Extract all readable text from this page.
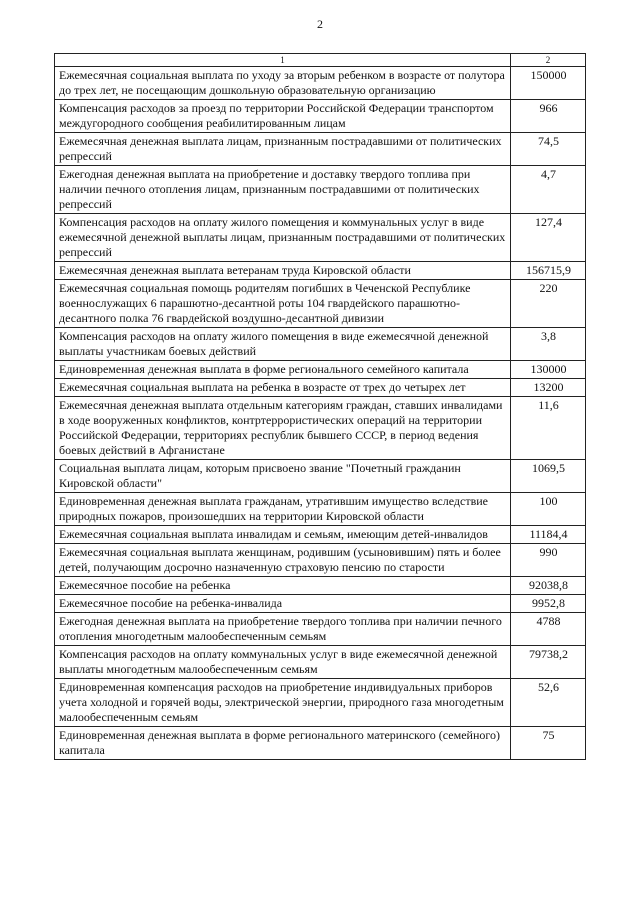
2
1	2
Ежемесячная социальная выплата по уходу за вторым ребенком в возрасте от полутора до трех лет, не посещающим дошкольную образовательную организацию	150000
Компенсация расходов за проезд по территории Российской Федерации транспортом междугородного сообщения реабилитированным лицам	966
Ежемесячная денежная выплата лицам, признанным пострадавшими от политических репрессий	74,5
Ежегодная денежная выплата на приобретение и доставку твердого топлива при наличии печного отопления лицам, признанным пострадавшими от политических репрессий	4,7
Компенсация расходов на оплату жилого помещения и коммунальных услуг в виде ежемесячной денежной выплаты лицам, признанным пострадавшими от политических репрессий	127,4
Ежемесячная денежная выплата ветеранам труда Кировской области	156715,9
Ежемесячная социальная помощь родителям погибших в Чеченской Республике военнослужащих 6 парашютно-десантной роты 104 гвардейского парашютно-десантного полка 76 гвардейской воздушно-десантной дивизии	220
Компенсация расходов на оплату жилого помещения в виде ежемесячной денежной выплаты участникам боевых действий	3,8
Единовременная денежная выплата в форме регионального семейного капитала	130000
Ежемесячная социальная выплата на ребенка в возрасте от трех до четырех лет	13200
Ежемесячная денежная выплата отдельным категориям граждан, ставших инвалидами в ходе вооруженных конфликтов, контртеррористических операций на территории Российской Федерации, территориях республик бывшего СССР, в период ведения боевых действий в Афганистане	11,6
Социальная выплата лицам, которым присвоено звание "Почетный гражданин Кировской области"	1069,5
Единовременная денежная выплата гражданам, утратившим имущество вследствие природных пожаров, произошедших на территории Кировской области	100
Ежемесячная социальная выплата инвалидам и семьям, имеющим детей-инвалидов	11184,4
Ежемесячная социальная выплата женщинам, родившим (усыновившим) пять и более детей, получающим досрочно назначенную страховую пенсию по старости	990
Ежемесячное пособие на ребенка	92038,8
Ежемесячное пособие на ребенка-инвалида	9952,8
Ежегодная денежная выплата на приобретение твердого топлива при наличии печного отопления многодетным малообеспеченным семьям	4788
Компенсация расходов на оплату коммунальных услуг в виде ежемесячной денежной выплаты многодетным малообеспеченным семьям	79738,2
Единовременная компенсация расходов на приобретение индивидуальных приборов учета холодной и горячей воды, электрической энергии, природного газа многодетным малообеспеченным семьям	52,6
Единовременная денежная выплата в форме регионального материнского (семейного) капитала	75
